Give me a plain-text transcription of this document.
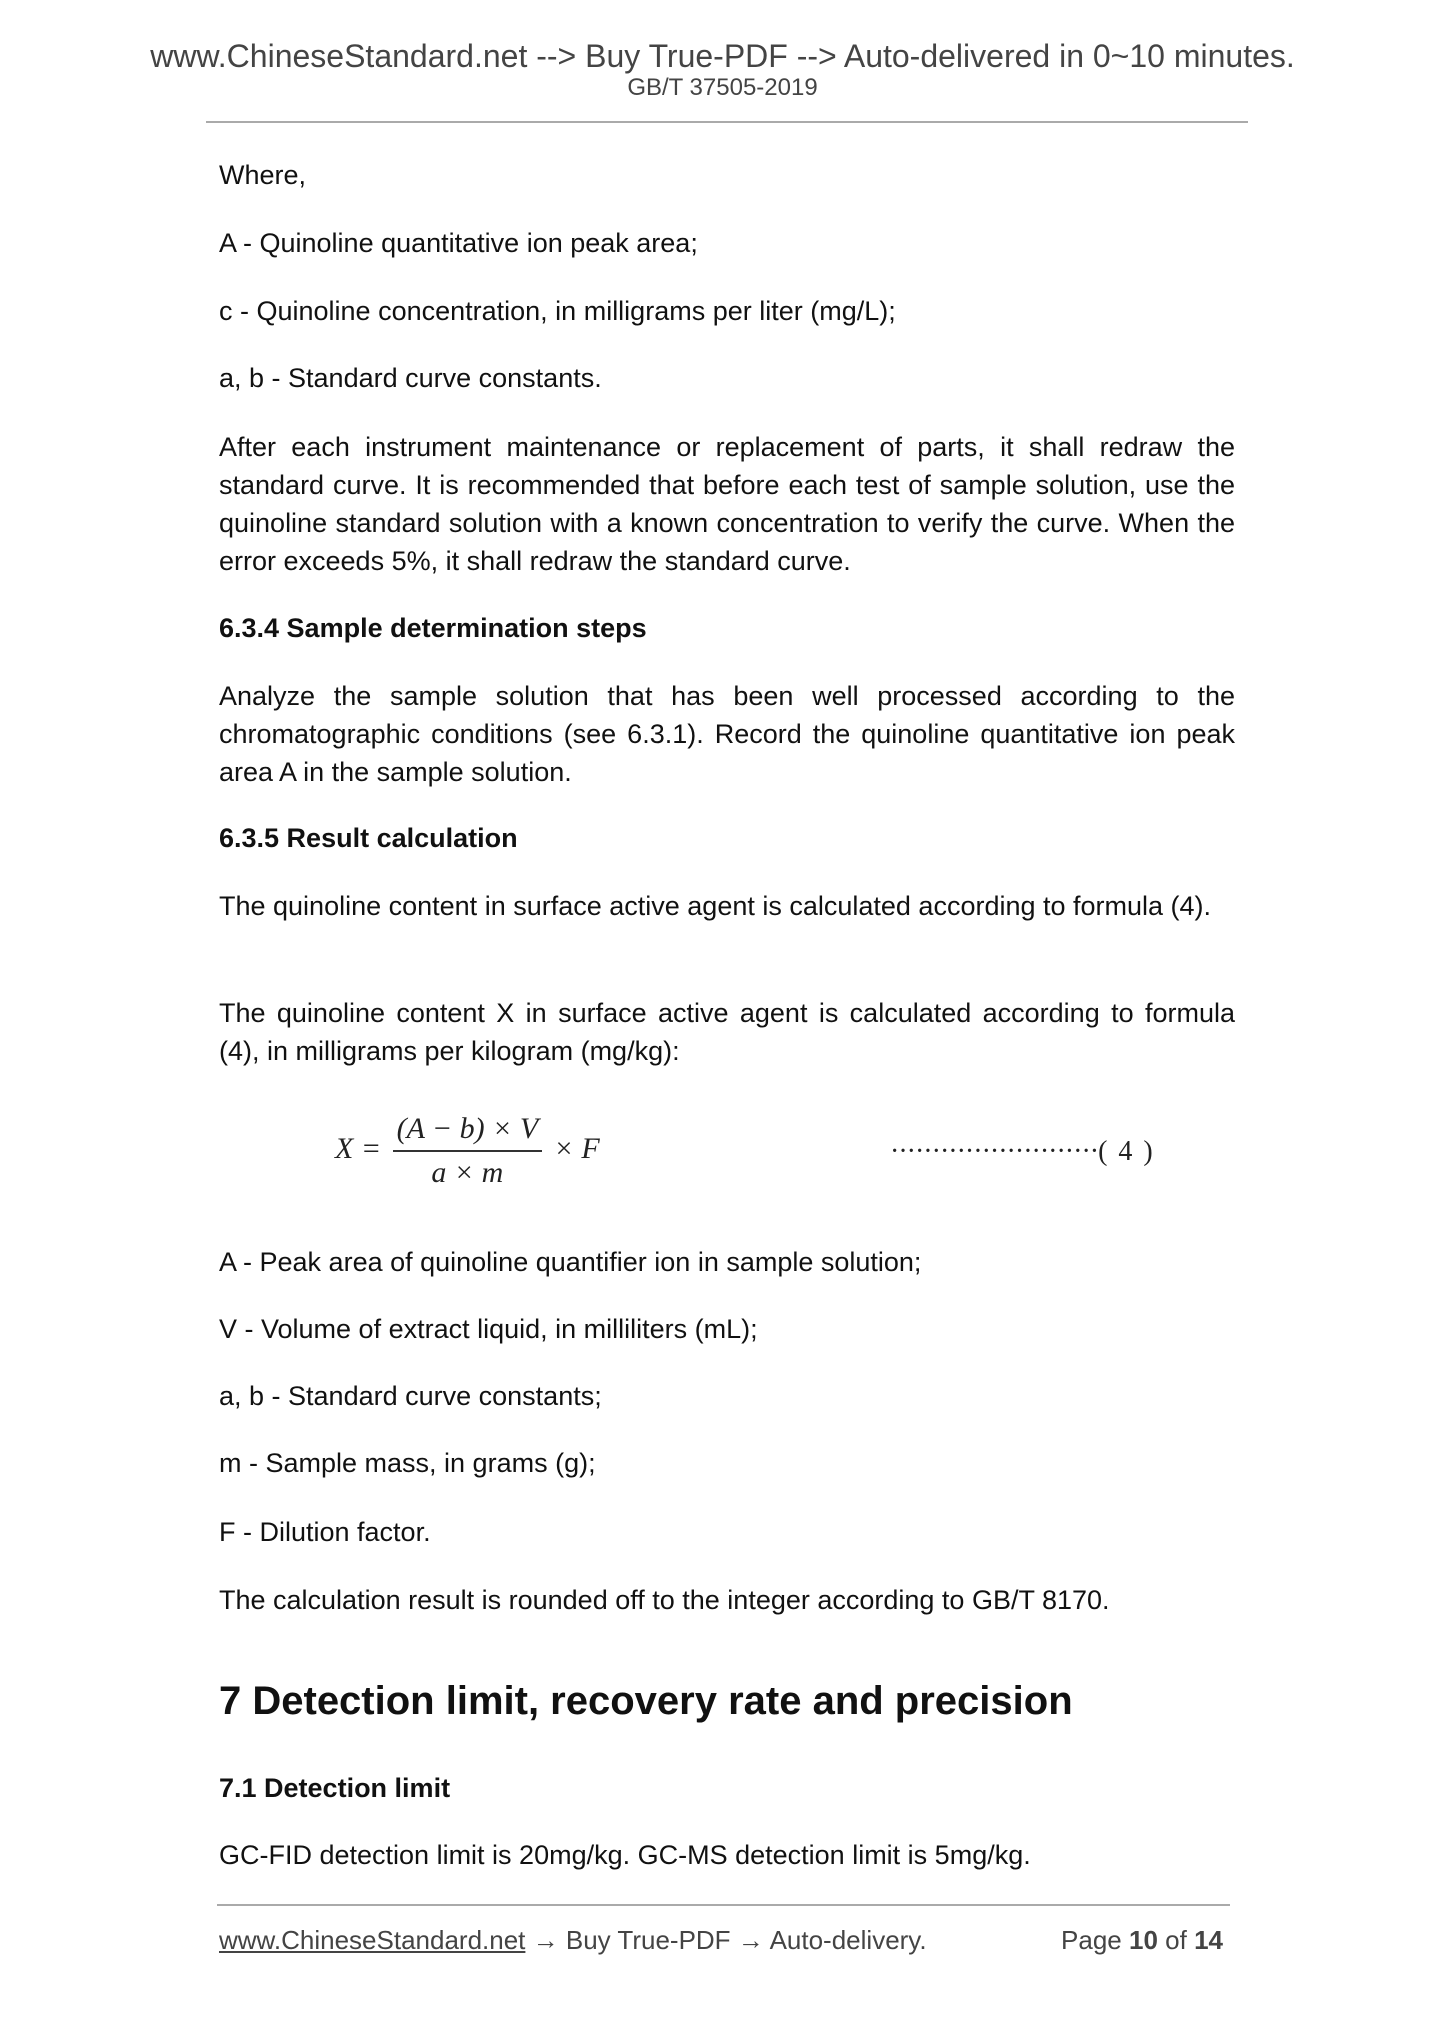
www.ChineseStandard.net --> Buy True-PDF --> Auto-delivered in 0~10 minutes.
GB/T 37505-2019
Where,
A - Quinoline quantitative ion peak area;
c - Quinoline concentration, in milligrams per liter (mg/L);
a, b - Standard curve constants.
After each instrument maintenance or replacement of parts, it shall redraw the standard curve. It is recommended that before each test of sample solution, use the quinoline standard solution with a known concentration to verify the curve. When the error exceeds 5%, it shall redraw the standard curve.
6.3.4 Sample determination steps
Analyze the sample solution that has been well processed according to the chromatographic conditions (see 6.3.1). Record the quinoline quantitative ion peak area A in the sample solution.
6.3.5 Result calculation
The quinoline content in surface active agent is calculated according to formula (4).
The quinoline content X in surface active agent is calculated according to formula (4), in milligrams per kilogram (mg/kg):
$X = \frac{(A - b) \times V}{a \times m} \times F$	·························( 4 )
A - Peak area of quinoline quantifier ion in sample solution;
V - Volume of extract liquid, in milliliters (mL);
a, b - Standard curve constants;
m - Sample mass, in grams (g);
F - Dilution factor.
The calculation result is rounded off to the integer according to GB/T 8170.
7 Detection limit, recovery rate and precision
7.1 Detection limit
GC-FID detection limit is 20mg/kg. GC-MS detection limit is 5mg/kg.
www.ChineseStandard.net → Buy True-PDF → Auto-delivery.	Page 10 of 14
